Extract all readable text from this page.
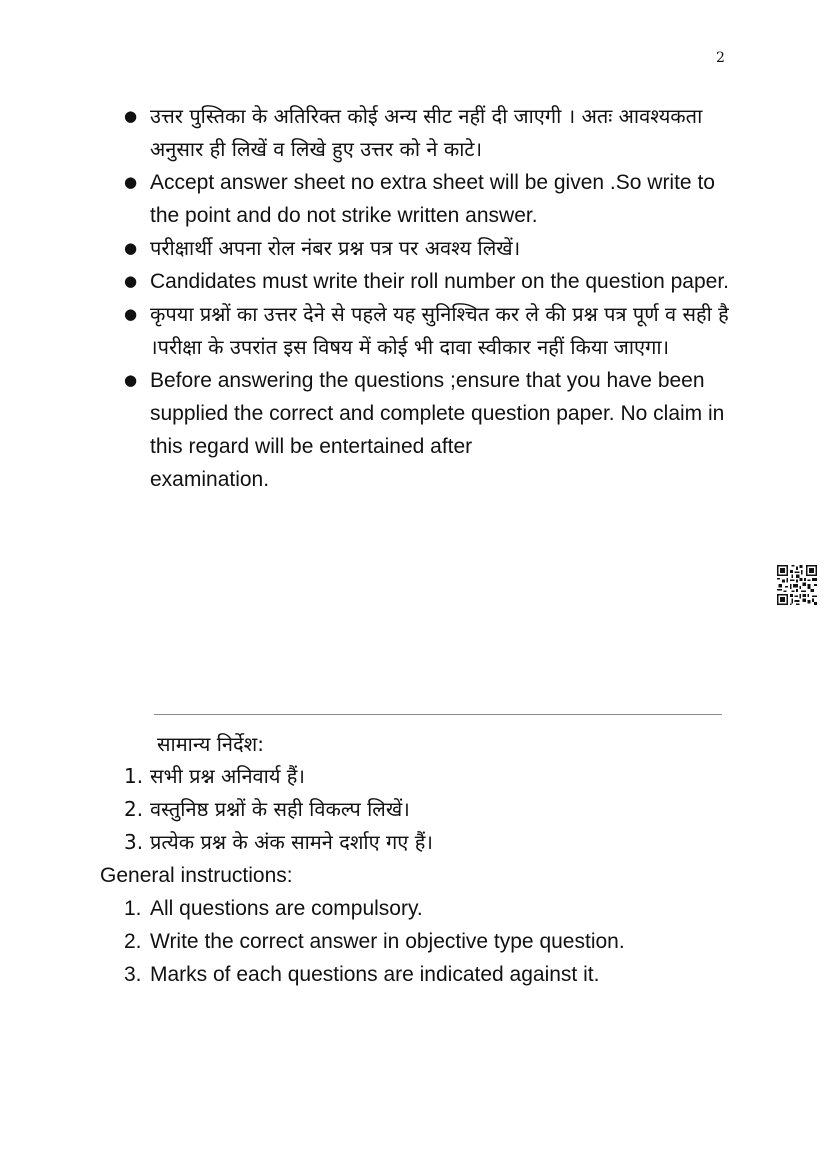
2
● उत्तर पुस्तिका के अतिरिक्त कोई अन्य सीट नहीं दी जाएगी । अतः आवश्यकता अनुसार ही लिखें व लिखे हुए उत्तर को ने काटे।
● Accept answer sheet no extra sheet will be given .So write to the point and do not strike written answer.
● परीक्षार्थी अपना रोल नंबर प्रश्न पत्र पर अवश्य लिखें।
● Candidates must write their roll number on the question paper.
● कृपया प्रश्नों का उत्तर देने से पहले यह सुनिश्चित कर ले की प्रश्न पत्र पूर्ण व सही है ।परीक्षा के उपरांत इस विषय में कोई भी दावा स्वीकार नहीं किया जाएगा।
● Before answering the questions ;ensure that you have been supplied the correct and complete question paper. No claim in this regard will be entertained after
examination.
सामान्य निर्देश:
1. सभी प्रश्न अनिवार्य हैं।
2. वस्तुनिष्ठ प्रश्नों के सही विकल्प लिखें।
3. प्रत्येक प्रश्न के अंक सामने दर्शाए गए हैं।
General instructions:
1. All questions are compulsory.
2. Write the correct answer in objective type question.
3. Marks of each questions are indicated against it.
